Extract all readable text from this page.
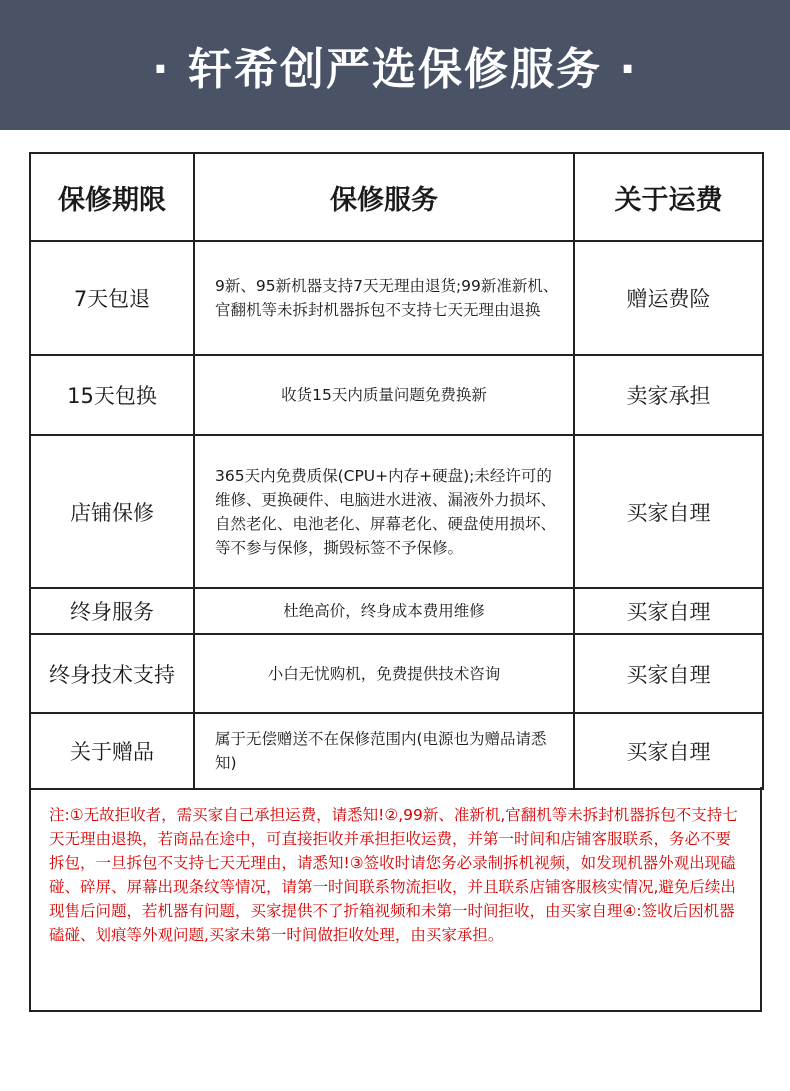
· 轩希创严选保修服务 ·
保修期限	保修服务	关于运费
7天包退	9新、95新机器支持7天无理由退货;99新准新机、官翻机等未拆封机器拆包不支持七天无理由退换	赠运费险
15天包换	收货15天内质量问题免费换新	卖家承担
店铺保修	365天内免费质保(CPU+内存+硬盘);未经许可的维修、更换硬件、电脑进水进液、漏液外力损坏、自然老化、电池老化、屏幕老化、硬盘使用损坏、等不参与保修，撕毁标签不予保修。	买家自理
终身服务	杜绝高价，终身成本费用维修	买家自理
终身技术支持	小白无忧购机，免费提供技术咨询	买家自理
关于赠品	属于无偿赠送不在保修范围内(电源也为赠品请悉知)	买家自理
注:①无故拒收者，需买家自己承担运费，请悉知!②,99新、准新机,官翻机等未拆封机器拆包不支持七天无理由退换，若商品在途中，可直接拒收并承担拒收运费，并第一时间和店铺客服联系，务必不要拆包，一旦拆包不支持七天无理由，请悉知!③签收时请您务必录制拆机视频，如发现机器外观出现磕碰、碎屏、屏幕出现条纹等情况，请第一时间联系物流拒收，并且联系店铺客服核实情况,避免后续出现售后问题，若机器有问题，买家提供不了折箱视频和未第一时间拒收，由买家自理④:签收后因机器磕碰、划痕等外观问题,买家未第一时间做拒收处理，由买家承担。
